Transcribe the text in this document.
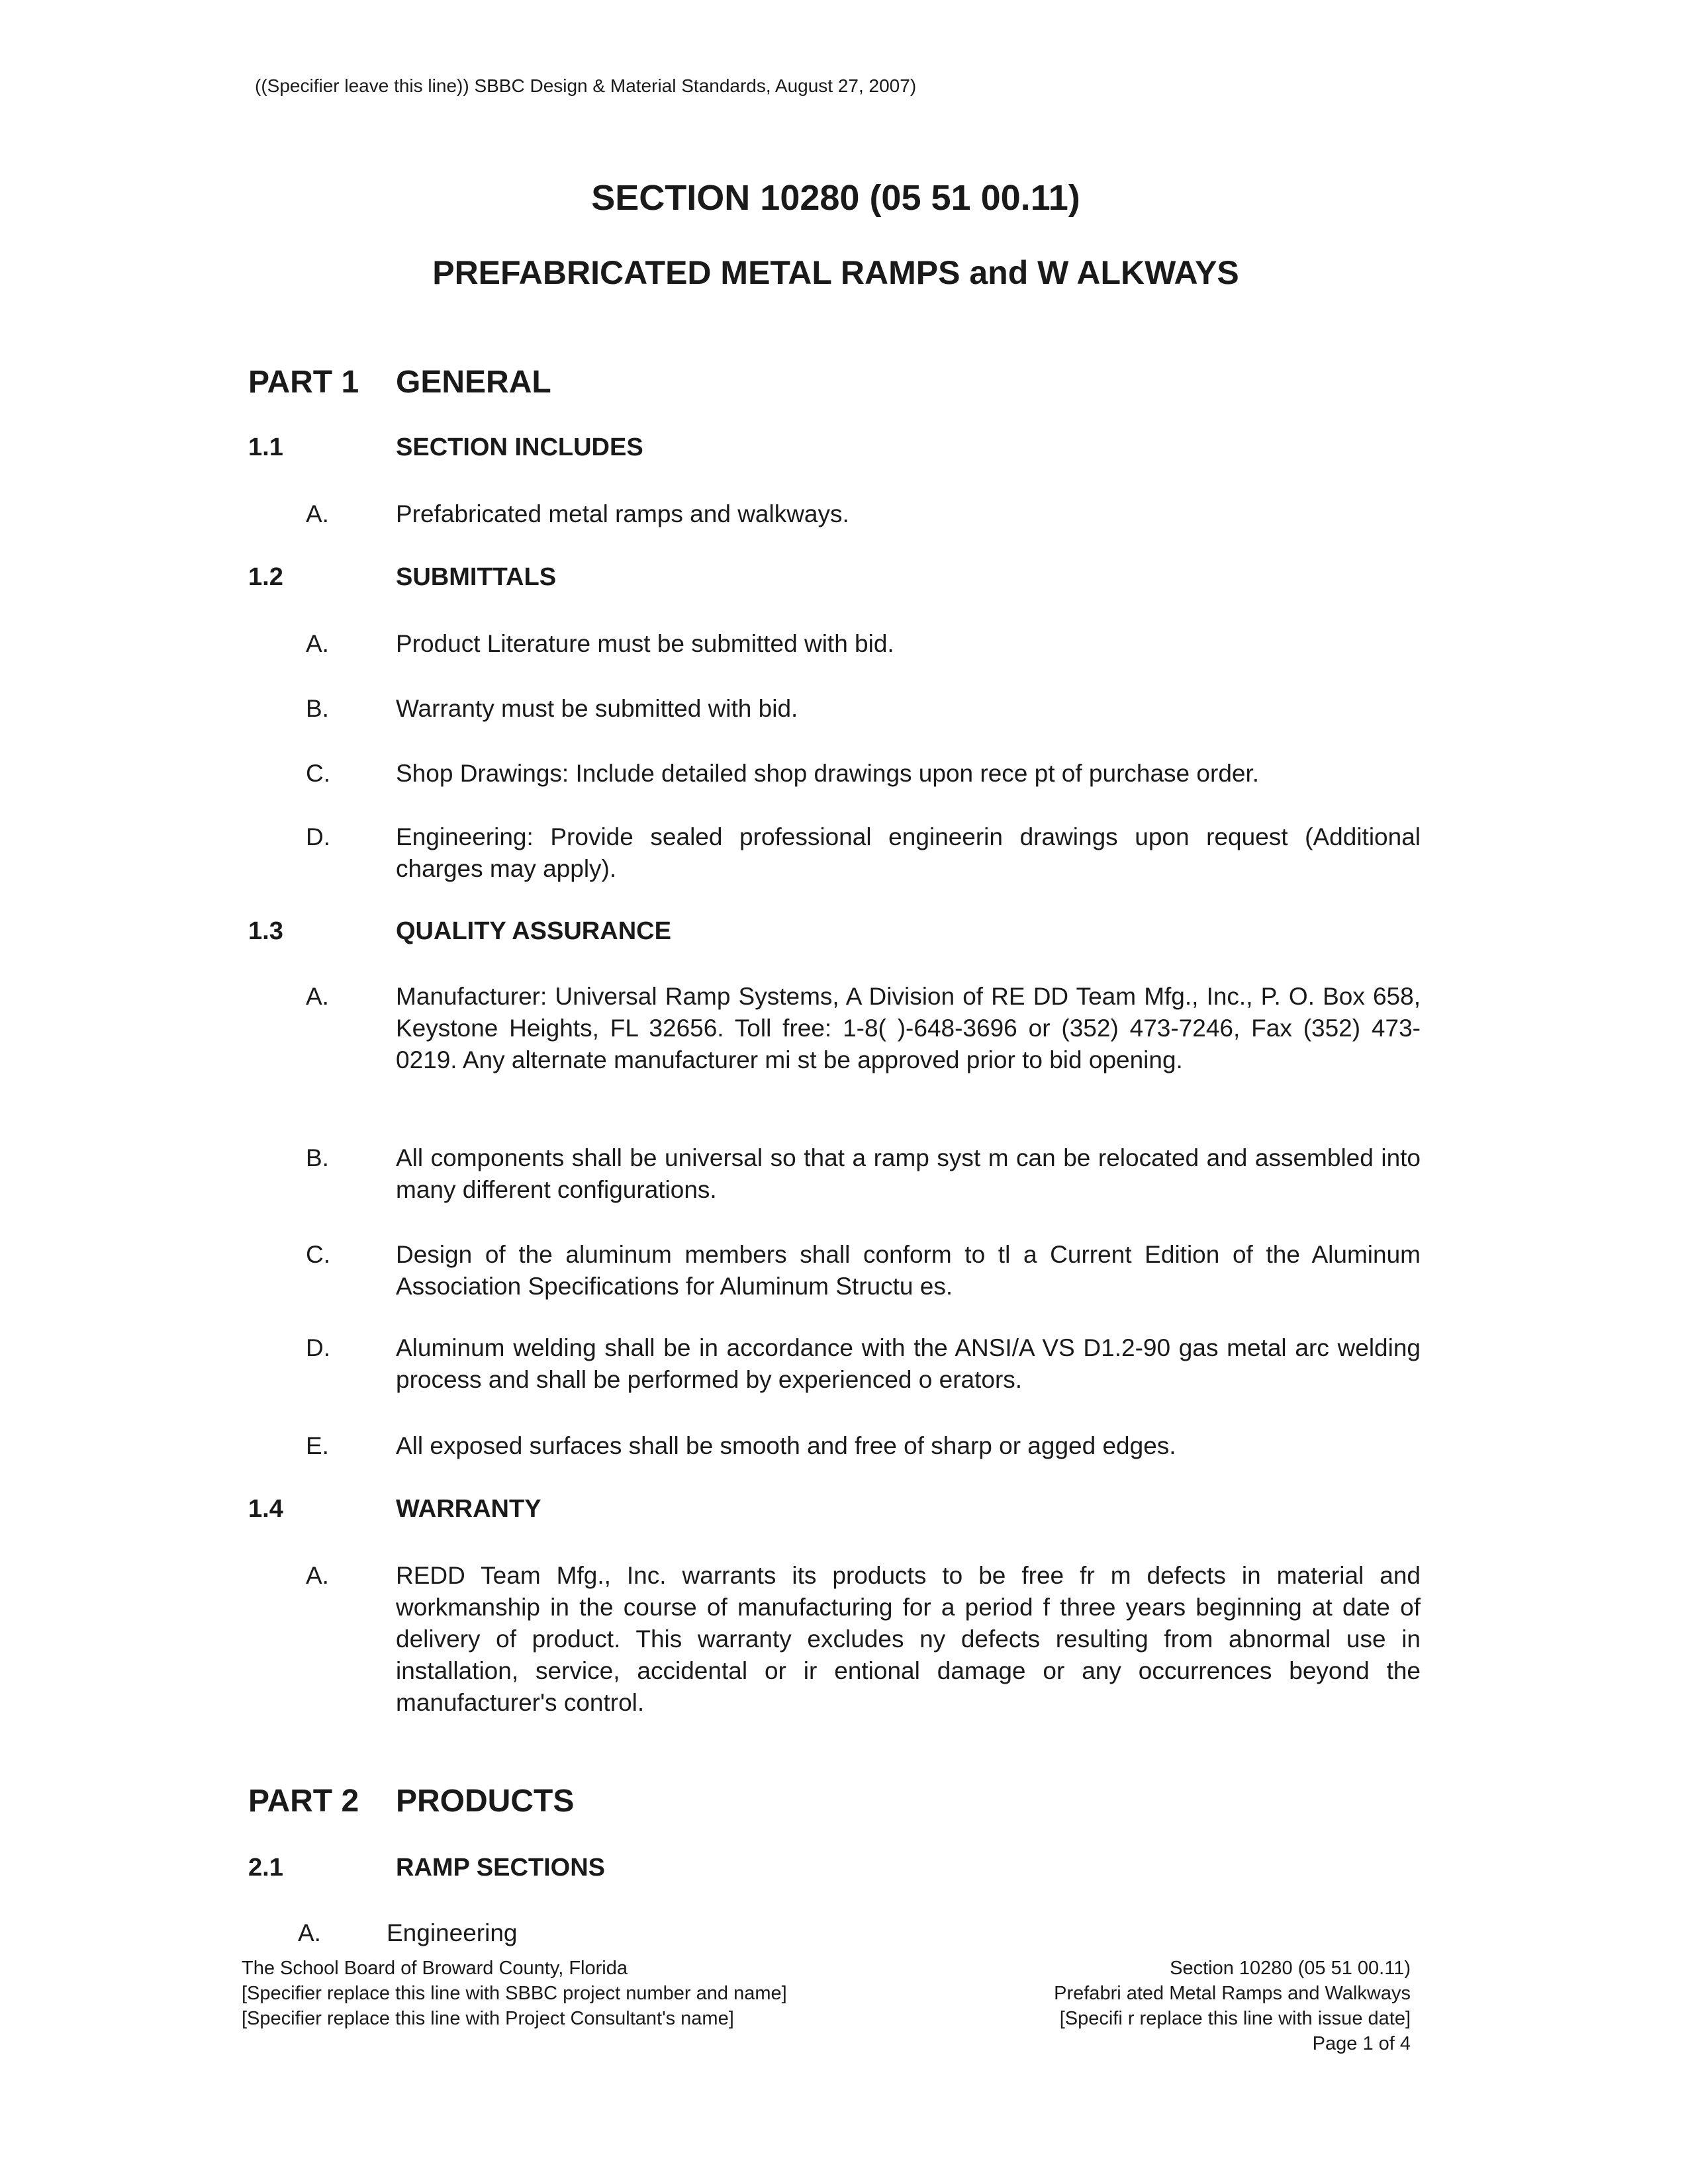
((Specifier leave this line)) SBBC Design & Material Standards, August 27, 2007)
SECTION 10280 (05 51 00.11)
PREFABRICATED METAL RAMPS and W ALKWAYS
PART 1 GENERAL
1.1	SECTION INCLUDES
A.	Prefabricated metal ramps and walkways.
1.2	SUBMITTALS
A.	Product Literature must be submitted with bid.
B.	Warranty must be submitted with bid.
C.	Shop Drawings: Include detailed shop drawings upon rece pt of purchase order.
D.	Engineering: Provide sealed professional engineerin drawings upon request (Additional charges may apply).
1.3	QUALITY ASSURANCE
A.	Manufacturer: Universal Ramp Systems, A Division of RE DD Team Mfg., Inc., P. O. Box 658, Keystone Heights, FL 32656. Toll free: 1-8( )-648-3696 or (352) 473-7246, Fax (352) 473-0219. Any alternate manufacturer mi st be approved prior to bid opening.
B.	All components shall be universal so that a ramp syst m can be relocated and assembled into many different configurations.
C.	Design of the aluminum members shall conform to tl a Current Edition of the Aluminum Association Specifications for Aluminum Structu es.
D.	Aluminum welding shall be in accordance with the ANSI/A VS D1.2-90 gas metal arc welding process and shall be performed by experienced o erators.
E.	All exposed surfaces shall be smooth and free of sharp or agged edges.
1.4	WARRANTY
A.	REDD Team Mfg., Inc. warrants its products to be free fr m defects in material and workmanship in the course of manufacturing for a period f three years beginning at date of delivery of product. This warranty excludes ny defects resulting from abnormal use in installation, service, accidental or ir entional damage or any occurrences beyond the manufacturer's control.
PART 2 PRODUCTS
2.1	RAMP SECTIONS
A.	Engineering
The School Board of Broward County, Florida
[Specifier replace this line with SBBC project number and name]
[Specifier replace this line with Project Consultant's name]
Section 10280 (05 51 00.11)
Prefabri ated Metal Ramps and Walkways
[Specifi r replace this line with issue date]
Page 1 of 4
